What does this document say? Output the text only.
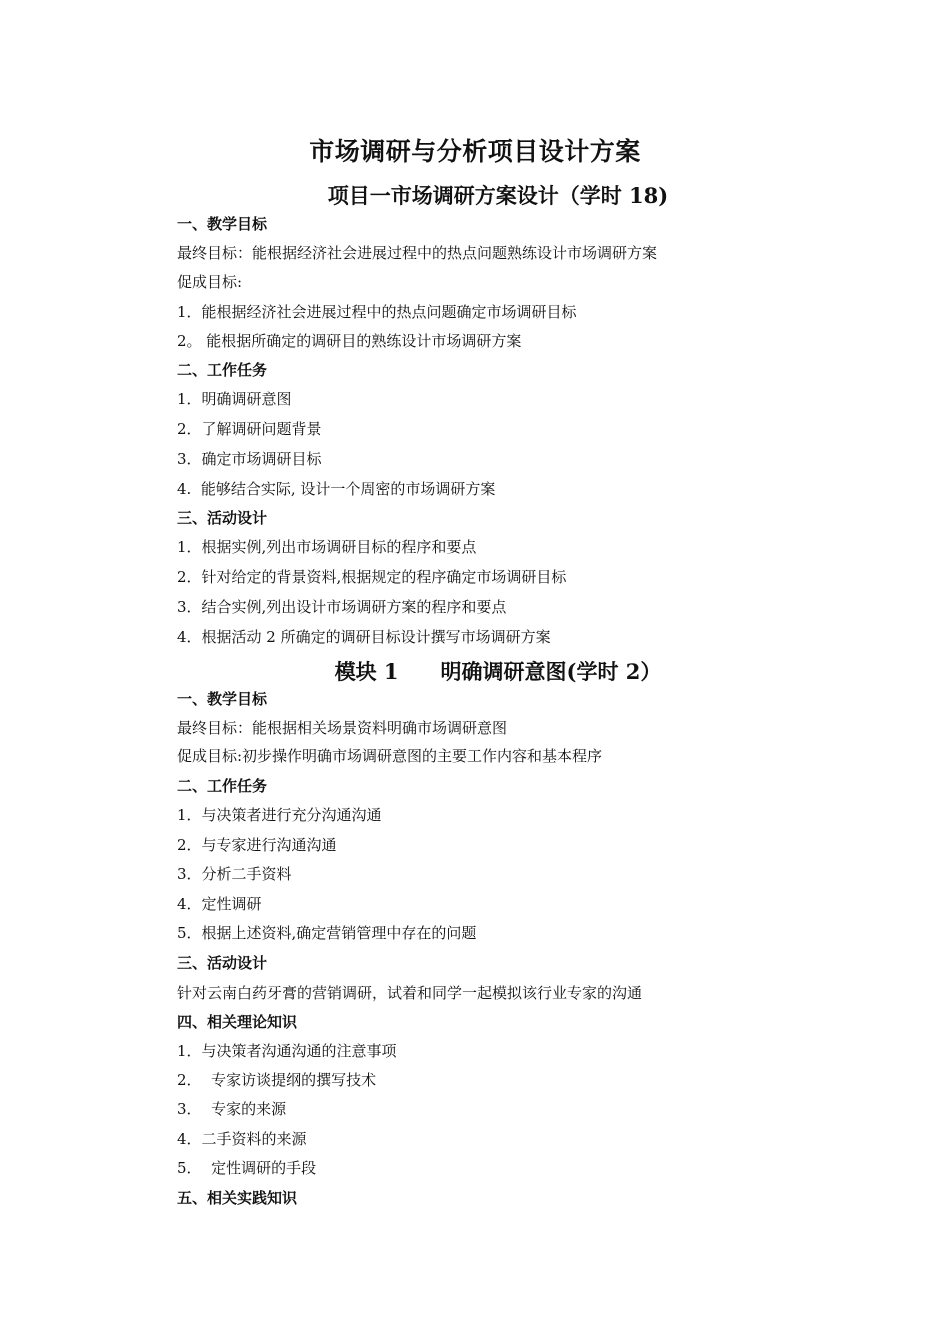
市场调研与分析项目设计方案
项目一市场调研方案设计（学时 18)
一、教学目标
最终目标：能根据经济社会进展过程中的热点问题熟练设计市场调研方案
促成目标:
1．能根据经济社会进展过程中的热点问题确定市场调研目标
2。 能根据所确定的调研目的熟练设计市场调研方案
二、工作任务
1．明确调研意图
2．了解调研问题背景
3．确定市场调研目标
4.  能够结合实际, 设计一个周密的市场调研方案
三、活动设计
1．根据实例,列出市场调研目标的程序和要点
2．针对给定的背景资料,根据规定的程序确定市场调研目标
3．结合实例,列出设计市场调研方案的程序和要点
4．根据活动 2 所确定的调研目标设计撰写市场调研方案
模块 1　　明确调研意图(学时 2）
一、教学目标
最终目标：能根据相关场景资料明确市场调研意图
促成目标:初步操作明确市场调研意图的主要工作内容和基本程序
二、工作任务
1．与决策者进行充分沟通沟通
2．与专家进行沟通沟通
3．分析二手资料
4．定性调研
5．根据上述资料,确定营销管理中存在的问题
三、活动设计
针对云南白药牙膏的营销调研，试着和同学一起模拟该行业专家的沟通
四、相关理论知识
1．与决策者沟通沟通的注意事项
2．  专家访谈提纲的撰写技术
3．  专家的来源
4．二手资料的来源
5．  定性调研的手段
五、相关实践知识
